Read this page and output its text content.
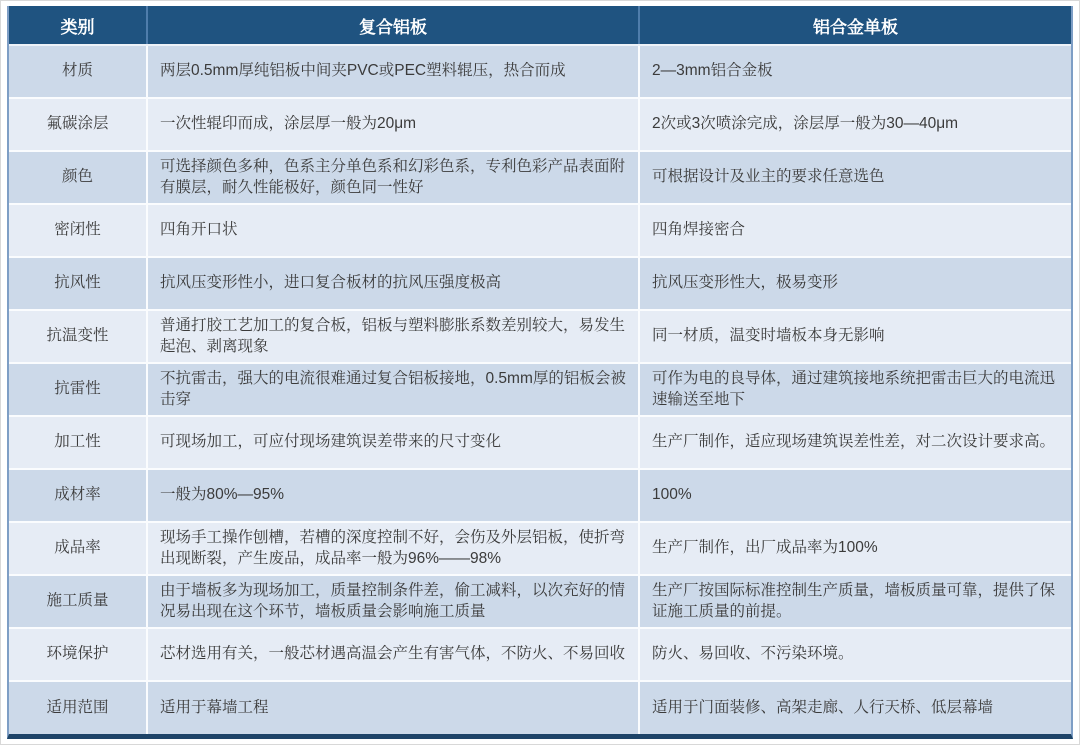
类别	复合铝板	铝合金单板
材质	两层0.5mm厚纯铝板中间夹PVC或PEC塑料辊压，热合而成	2—3mm铝合金板
氟碳涂层	一次性辊印而成，涂层厚一般为20μm	2次或3次喷涂完成，涂层厚一般为30—40μm
颜色	可选择颜色多种，色系主分单色系和幻彩色系，专利色彩产品表面附有膜层，耐久性能极好，颜色同一性好	可根据设计及业主的要求任意选色
密闭性	四角开口状	四角焊接密合
抗风性	抗风压变形性小，进口复合板材的抗风压强度极高	抗风压变形性大，极易变形
抗温变性	普通打胶工艺加工的复合板，铝板与塑料膨胀系数差别较大，易发生起泡、剥离现象	同一材质，温变时墙板本身无影响
抗雷性	不抗雷击，强大的电流很难通过复合铝板接地，0.5mm厚的铝板会被击穿	可作为电的良导体，通过建筑接地系统把雷击巨大的电流迅速输送至地下
加工性	可现场加工，可应付现场建筑误差带来的尺寸变化	生产厂制作，适应现场建筑误差性差，对二次设计要求高。
成材率	一般为80%—95%	100%
成品率	现场手工操作刨槽，若槽的深度控制不好，会伤及外层铝板，使折弯出现断裂，产生废品，成品率一般为96%——98%	生产厂制作，出厂成品率为100%
施工质量	由于墙板多为现场加工，质量控制条件差，偷工减料，以次充好的情况易出现在这个环节，墙板质量会影响施工质量	生产厂按国际标准控制生产质量，墙板质量可靠，提供了保证施工质量的前提。
环境保护	芯材选用有关，一般芯材遇高温会产生有害气体，不防火、不易回收	防火、易回收、不污染环境。
适用范围	适用于幕墙工程	适用于门面装修、高架走廊、人行天桥、低层幕墙
